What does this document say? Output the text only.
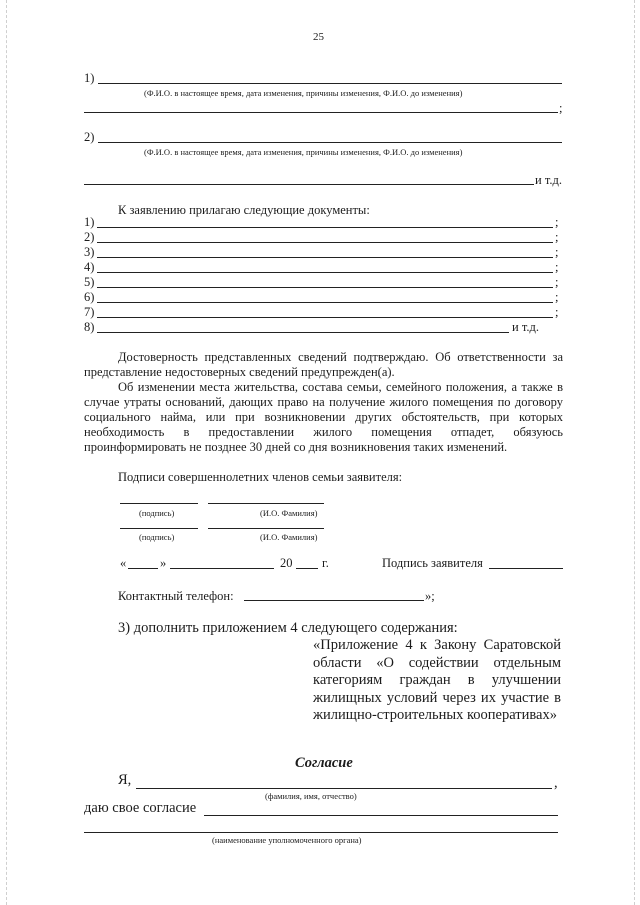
25
1)
(Ф.И.О. в настоящее время, дата изменения, причины изменения, Ф.И.О. до изменения)
;
2)
(Ф.И.О. в настоящее время, дата изменения, причины изменения, Ф.И.О. до изменения)
и т.д.
К заявлению прилагаю следующие документы:
1)	;
2)	;
3)	;
4)	;
5)	;
6)	;
7)	;
8)	и т.д.
Достоверность представленных сведений подтверждаю. Об ответственности за представление недостоверных сведений предупрежден(а).
Об изменении места жительства, состава семьи, семейного положения, а также в случае утраты оснований, дающих право на получение жилого помещения по договору социального найма, или при возникновении других обстоятельств, при которых необходимость в предоставлении жилого помещения отпадет, обязуюсь проинформировать не позднее 30 дней со дня возникновения таких изменений.
Подписи совершеннолетних членов семьи заявителя:
(подпись)	(И.О. Фамилия)
(подпись)	(И.О. Фамилия)
«	»	20 г.	Подпись заявителя
Контактный телефон:	»;
3) дополнить приложением 4 следующего содержания:
«Приложение 4 к Закону Саратовской области «О содействии отдельным категориям граждан в улучшении жилищных условий через их участие в жилищно-строительных кооперативах»
Согласие
Я,	,
(фамилия, имя, отчество)
даю свое согласие
(наименование уполномоченного органа)
